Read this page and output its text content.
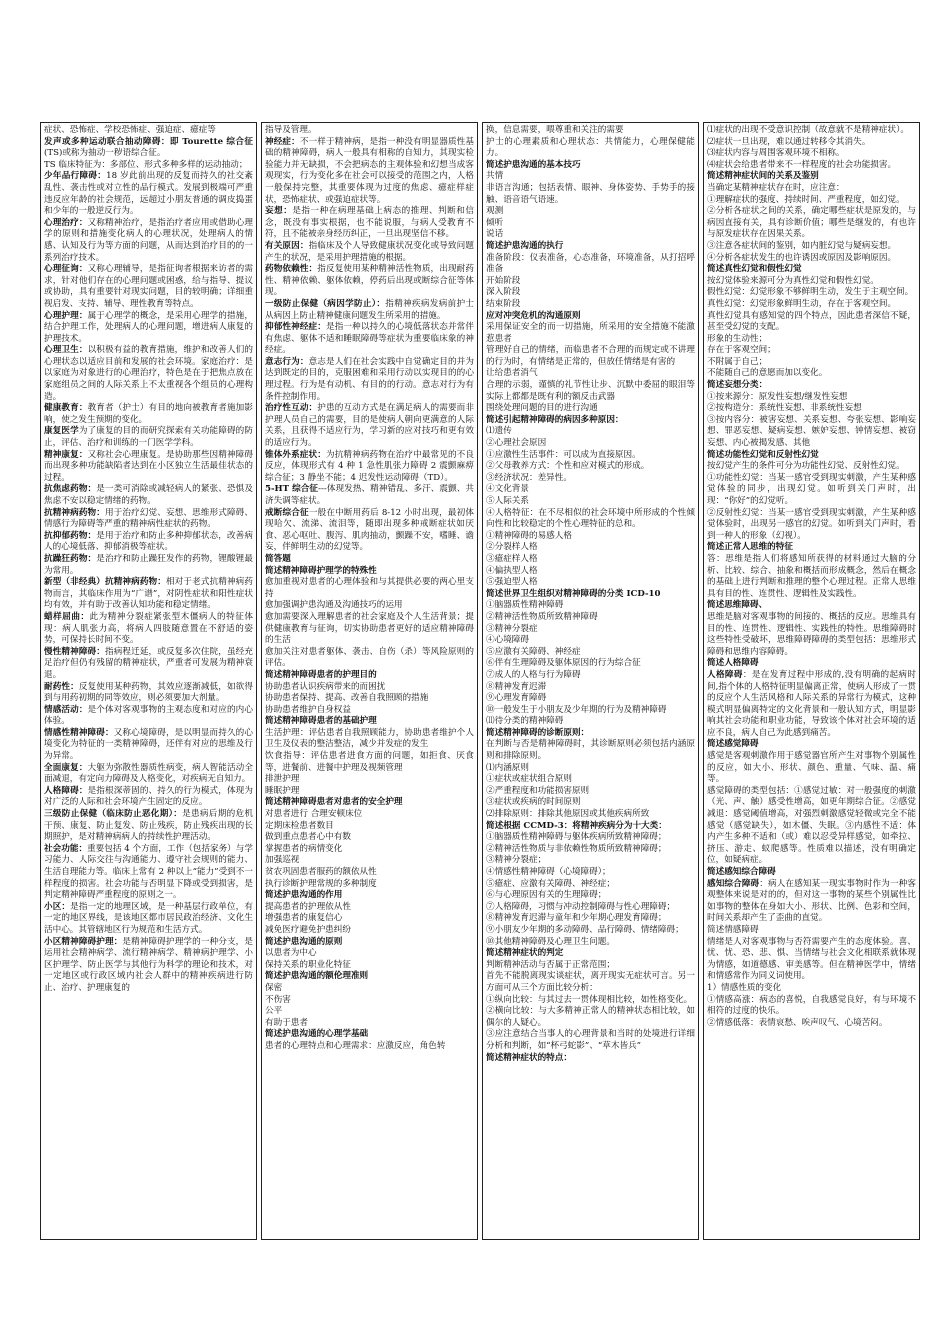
症状、恐怖症、学校恐怖症、强迫症、癔症等

发声或多种运动联合抽动障碍：即 Tourette 综合征(TS)或称为抽动一秽语综合征。

TS 临床特征为：多部位、形式多种多样的运动抽动；

少年品行障碍：18 岁此前出现的反复而持久的社交紊乱性、袭击性或对立性的品行模式。发展到极端可严重违反应年龄的社会规范，远超过小朋友普通的调皮捣蛋和少年的一般逆反行为。

心理治疗：又称精神治疗，是指治疗者应用或借助心理学的原则和措施变化病人的心理状况，处理病人的情感、认知及行为等方面的问题，从而达到治疗目的的一系列治疗技术。

心理征询：又称心理辅导，是指征询者根据来访者的需求，针对他们存在的心理问题或困惑，给与指导、提议或协助，具有重要针对现实问题，目的较明确；详细重视启发、支持、辅导、理性教育等特点。

心理护理：属于心理学的概念，是采用心理学的措施，结合护理工作，处理病人的心理问题，增进病人康复的护理技术。

心理卫生：以积极有益的教育措施，维护和改善人们的心理状态以适应目前和发展的社会环境。家庭治疗：是以家庭为对象进行的心理治疗，特色是在于把焦点放在家庭组员之间的人际关系上不太重视各个组员的心理构造。

健康教育：教育者（护士）有目的地向被教育者施加影响，使之发生预期的变化。

康复医学为了康复的目的而研究探索有关功能障碍的防止，评估、治疗和训练的一门医学学科。

精神康复：又称社会心理康复。是协助那些因精神障碍而出现多种功能缺陷者达到在小区独立生活最佳状态的过程。

抗焦虑药物：是一类可消除或减轻病人的紧张、恐惧及焦虑不安以稳定情绪的药物。

抗精神病药物：用于治疗幻觉、妄想、思维形式障碍、情感行为障碍等严重的精神病性症状的药物。

抗抑郁药物：是用于治疗和防止多种抑郁状态，改善病人的心境低落、抑郁消极等症状。

抗躁狂药物：是治疗和防止躁狂发作的药物，锂酸锂最为常用。

新型（非经典）抗精神病药物：相对于老式抗精神病药物而言，其临床作用为“广谱”，对阴性症状和阳性症状均有效，并有助于改善认知功能和稳定情绪。

蜡样屈曲：此为精神分裂症紧张型木僵病人的特征体现：病人肌张力高，将病人四肢随意置在不舒适的姿势，可保持长时间不变。

慢性精神障碍：指病程迁延，或反复多次住院，虽经充足治疗但仍有残留的精神症状，严重者可发展为精神衰退。

耐药性：反复使用某种药物，其效应逐渐减低，如欲得到与用药初期的同等效应，则必须要加大剂量。

情感活动：是个体对客观事物的主观态度和对应的内心体验。

情感性精神障碍：又称心境障碍，是以明显而持久的心境变化为特征的一类精神障碍，还伴有对应的思维及行为异常。

全面康复：大躯为弥散性器质性病变，病人智能活动全面减退，有定向力障碍及人格变化，对疾病无自知力。

人格障碍：是指根深蒂固的、持久的行为模式，体现为对广泛的人际和社会环境产生固定的反应。

三级防止保健（临床防止恶化期）：是患病后期的危机干预、康复、防止复发、防止残疾，防止残疾出现的长期照护，是对精神病病人的持续性护理活动。

社会功能：重要包括 4 个方面，工作（包括家务）与学习能力、人际交往与沟通能力、遵守社会规则的能力、生活自理能力等。临床上常有 2 种以上“能力”受到不一样程度的损害。社会功能与否明显下降或受到损害，是判定精神障碍严重程度的原则之一。

小区：是指一定的地理区域，是一种基层行政单位，有一定的地区界线，是该地区都市居民政治经济、文化生活中心。其管辖地区行为规范和生活方式。

小区精神障碍护理：是精神障碍护理学的一种分支，是运用社会精神病学、流行精神病学、精神病护理学、小区护理学、防止医学与其他行为科学的理论和技术，对一定地区或行政区域内社会人群中的精神疾病进行防止、治疗、护理康复的

指导及管理。

神经症：不一样于精神病，是指一种没有明显器质性基础的精神障碍，病人一般具有相称的自知力，其现实检验能力并无缺损，不会把病态的主观体验和幻想当成客观现实，行为变化多在社会可以接受的范围之内，人格一般保持完整，其重要体现为过度的焦虑、癔症样症状，恐怖症状、或强迫症状等。

妄想：是指一种在病理基础上病态的推理、判断和信念，既没有事实根据，也不能说服，与病人受教育不符，且不能被亲身经历纠正，一旦出现坚信不移。

有关原因：指临床及个人导致健康状况变化或导致问题产生的状况，是采用护理措施的根据。

药物依赖性：指反复使用某种精神活性物质，出现耐药性、精神依赖、躯体依赖，停药后出现或断综合征等体现。

一级防止保健（病因学防止）：指精神疾病发病前护士从病因上防止精神健康问题发生所采用的措施。

抑郁性神经症：是指一种以持久的心境低落状态并常伴有焦虑、躯体不适和睡眠障碍等症状为重要临床象的神经症。

意志行为：意志是人们在社会实践中自觉确定目的并为达到既定的目的，克服困难和采用行动以实现目的的心理过程。行为是有动机、有目的的行动。意志对行为有条件控制作用。

治疗性互动：护患的互动方式是在满足病人的需要而非护理人员自己的需要，目的是使病人朝向更满意的人际关系，且获得不适应行为，学习新的应对技巧和更有效的适应行为。

锥体外系症状：为抗精神病药物在治疗中最常见的不良反应，体现形式有 4 种 1 急性肌张力障碍 2 震颤麻痹综合征；3 静坐不能；4 迟发性运动障碍（TD）。

5-HT 综合征---体现发热、精神错乱、多汗、震颤、共济失调等症状。

戒断综合征一般在中断用药后 8-12 小时出现，最初体现哈欠、流涕、流泪等，随即出现多种戒断症状如厌食、恶心呕吐、腹泻、肌肉抽动，颤躁不安，嗜睡、谵妄，伴鲜明生动的幻觉等。

简答题

简述精神障碍护理学的特殊性

愈加重视对患者的心理体验和与其提供必要的两心里支持

愈加强调护患沟通及沟通技巧的运用

愈加需要深入理解患者的社会家庭及个人生活背景；提供健康教育与征询，切实协助患者更好的适应精神障碍的生活

愈加关注对患者躯体、袭击、自伤（杀）等风险原则的评估。

简述精神障碍患者的护理目的

协助患者认识疾病带来的而困扰

协助患者保持、提高、改善自我照顾的措施

协助患者维护自身权益

简述精神障碍患者的基础护理

生活护理：评估患者自我照顾能力，协助患者维护个人卫生及仪表的整洁整洁，减少并发症的发生

饮食指导：评估患者进食方面的问题，如拒食、厌食等，进餐前、进餐中护理及视频管理

排泄护理

睡眠护理

简述精神障碍患者对患者的安全护理

对患者进行 合理安顿床位

定期床检患者数目

做到重点患者心中有数

掌握患者的病情变化

加强巡视

贫农巩固患者服药的额依从性

执行诊断护理常规的多种制度

简述护患沟通的作用

提高患者的护理依从性

增强患者的康复信心

减免医疗避免护患纠纷

简述护患沟通的原则

以患者为中心

保持关系的职业化特征

简述护患沟通的额伦理准则

保密

不伤害

公平

有助于患者

简述护患沟通的心理学基础

患者的心理特点和心理需求：应激反应，角色转

换，信息需要，喂尊重和关注的需要

护士的心理素质和心理状态：共情能力，心理保健能力。

简述护患沟通的基本技巧

共情

非语言沟通；包括表情、眼神、身体姿势、手势手的接触、语音语气语速。

观测

倾听

说话

简述护患沟通的执行

准备阶段：仪表准备，心态准备，环境准备，从打招呼准备

开始阶段

深入阶段

结束阶段

应对冲突危机的沟通原则

采用保证安全的而一切措施，所采用的安全措施不能激惹患者

管理好自己的情绪，而临患者不合理的而规定或不讲理的行为时，有情绪是正常的，但放任情绪是有害的

让给患者消气

合理的示弱，谨慎的礼节性让步、沉默中委屈的眼泪等实际上都都是既有利的额反击武器

围绕处理问题的目的进行沟通

简述引起精神障碍的病因多种原因：

⑴遗传

②心理社会原因

①应激性生活事件：可以成为直接原因。

②父母教养方式：个性和应对模式的形成。

③经济状况：差异性。

④文化背景

⑤人际关系

④人格特征：在不尽相似的社会环境中所形成的个性倾向性和比较稳定的个性心理特征的总和。

①精神障碍的易感人格

②分裂样人格

③癔症样人格

④偏执型人格

⑤强迫型人格

简述世界卫生组织对精神障碍的分类 ICD-10

①脑器质性精神障碍

②精神活性物质所致精神障碍

③精神分裂症

④心境障碍

⑤应激有关障碍、神经症

⑥伴有生理障碍及躯体原因的行为综合征

⑦成人的人格与行为障碍

⑧精神发育迟滞

⑨心理发育障碍

⑩一般发生于小朋友及少年期的行为及精神障碍

⑾待分类的精神障碍

简述精神障碍的诊断原则：

在判断与否是精神障碍时，其诊断原则必须包括内涵原则和排除原则。

⑴内涵原则

①症状或症状组合原则

②严重程度和功能损害原则

③症状或疾病的时间原则

⑵排除原则：排除其他原因或其他疾病所致

简述根据 CCMD-3：将精神疾病分为十大类：

①脑器质性精神障碍与躯体疾病所致精神障碍；

②精神活性物质与非依赖性物质所致精神障碍；

③精神分裂症；

④情感性精神障碍（心境障碍）；

⑤癔症、应激有关障碍、神经症；

⑥与心理原因有关的生理障碍；

⑦人格障碍，习惯与冲动控制障碍与性心理障碍；

⑧精神发育迟滞与童年和少年期心理发育障碍；

⑨小朋友少年期的多动障碍、品行障碍、情绪障碍；

⑩其他精神障碍及心理卫生问题。

简述精神症状的判定

判断精神活动与否属于正常范围；

首先不能脱离现实谈症状，离开现实无症状可言。另一方面可从三个方面比较分析：

①纵向比较：与其过去一贯体现相比较，如性格变化。

②横向比较：与大多精神正常人的精神状态相比较，如偶尔的人疑心。

③应注意结合当事人的心理背景和当时的处境进行详细分析和判断，如“杯弓蛇影”、“草木皆兵”

简述精神症状的特点：

⑴症状的出现不受意识控制（故意就不是精神症状）。

⑵症状一旦出现，难以通过转移令其消失。

⑶症状内容与周围客观环境不相称。

⑷症状会给患者带来不一样程度的社会功能损害。

简述精神症状间的关系及鉴别

当确定某精神症状存在时，应注意：

①理解症状的强度、持续时间、严重程度，如幻觉。

②分析各症状之间的关系，确定哪些症状是原发的，与病因直接有关，具有诊断价值；哪些是继发的，有也许与原发症状存在因果关系。

③注意各症状间的鉴别，如内脏幻觉与疑病妄想。

④分析各症状发生的也许诱因或原因及影响原因。

简述真性幻觉和假性幻觉

按幻觉体验来源可分为真性幻觉和假性幻觉。

假性幻觉：幻觉形象不够鲜明生动，发生于主观空间。

真性幻觉：幻觉形象鲜明生动，存在于客观空间。

真性幻觉具有感知觉的四个特点，因此患者深信不疑，甚至受幻觉的支配。

形象的生动性；

存在于客观空间；

不附属于自己；

不能随自己的意愿而加以变化。

简述妄想分类：

①按来源分：原发性妄想/继发性妄想

②按构造分：系统性妄想、非系统性妄想

③按内容分：被害妄想、关系妄想、夸张妄想、影响妄想、罪恶妄想、疑病妄想、嫉妒妄想、钟情妄想、被窃妄想、内心被揭发感、其他

简述功能性幻觉和反射性幻觉

按幻觉产生的条件可分为功能性幻觉、反射性幻觉。

①功能性幻觉：当某一感官受到现实刺激，产生某种感觉体验的同步，出现幻觉。如听到关门声时，出现：“你好”的幻觉听。

②反射性幻觉：当某一感官受到现实刺激，产生某种感觉体验时，出现另一感官的幻觉。如听到关门声时，看到一种人的形象（幻视）。

简述正常人思维的特征

答：思维是指人们将感知所获得的材料通过大脑的分析、比较、综合、抽象和概括而形成概念，然后在概念的基础上进行判断和推理的整个心理过程。正常人思维具有目的性、连贯性、逻辑性及实践性。

简述思维障碍、

思维是脑对客观事物的间接的、概括的反应。思维具有目的性、连贯性、逻辑性、实践性的特性。思维障碍时这些特性受破坏，思维障碍障碍的类型包括：思维形式障碍和思维内容障碍。

简述人格障碍

人格障碍：是在发育过程中形成的,没有明确的起病时间,指个体的人格特征明显偏离正常，使病人形成了一贯的反应个人生活风格和人际关系的异常行为模式，这种模式明显偏离特定的文化背景和一般认知方式，明显影响其社会功能和职业功能，导致该个体对社会环境的适应不良，病人自己为此感到痛苦。

简述感觉障碍

感觉是客观刺激作用于感觉器官所产生对事物个别属性的反应，如大小、形状、颜色、重量、气味、温、痛等。

感觉障碍的类型包括：①感觉过敏：对一般强度的刺激（光、声、触）感受性增高，如更年期综合征。②感觉减退：感觉阈值增高，对强烈刺激感觉轻微或完全不能感觉（感觉缺失），如木僵、失眠。③内感性不适：体内产生多种不适和（或）难以忍受异样感觉，如牵拉、挤压、游走、蚁爬感等。性质难以描述，没有明确定位，如疑病症。

简述感知综合障碍

感知综合障碍：病人在感知某一现实事物时作为一种客观整体来说是对的的，但对这一事物的某些个别属性比如事物的整体在身如大小、形状、比例、色彩和空间，时间关系却产生了歪曲的直觉。

简述情感障碍

情绪是人对客观事物与否符需要产生的态度体验。喜、忧、忧、恐、悲、惧、当情绪与社会文化相联系就体现为情感，如道德感、审美感等。但在精神医学中，情绪和情感常作为同义词使用。

1）情感性质的变化

①情感高涨：病态的喜悦，自我感觉良好，有与环境不相符的过度的快乐。

②情感低落：表情哀愁、唉声叹气、心境苦闷。
